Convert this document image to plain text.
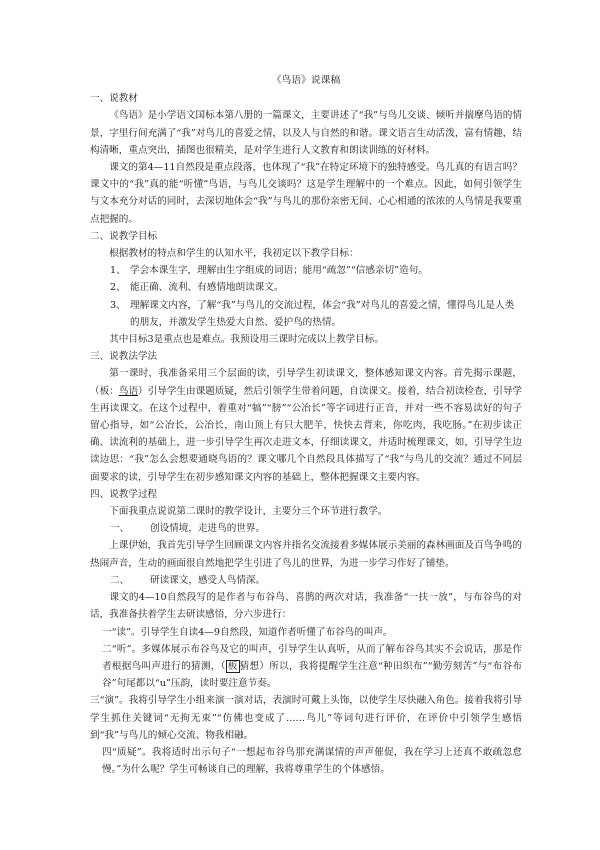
《鸟语》说课稿

一、说教材

《鸟语》是小学语文国标本第八册的一篇课文，主要讲述了“我”与鸟儿交谈、倾听并揣摩鸟语的情景，字里行间充满了“我”对鸟儿的喜爱之情，以及人与自然的和谐。课文语言生动活泼，富有情趣，结构清晰，重点突出，插图也很精美，是对学生进行人文教育和朗读训练的好材料。

课文的第4—11自然段是重点段落，也体现了“我”在特定环境下的独特感受。鸟儿真的有语言吗？课文中的“我”真的能“听懂”鸟语，与鸟儿交谈吗？这是学生理解中的一个难点。因此，如何引领学生与文本充分对话的同时，去深切地体会“我”与鸟儿的那份亲密无间、心心相通的浓浓的人鸟情是我要重点把握的。

二、说教学目标

根据教材的特点和学生的认知水平，我初定以下教学目标：

1、 学会本课生字，理解由生字组成的词语；能用“疏忽”“信感亲切”造句。
2、 能正确、流利、有感情地朗读课文。
3、 理解课文内容，了解“我”与鸟儿的交流过程，体会“我”对鸟儿的喜爱之情，懂得鸟儿是人类的朋友，并激发学生热爱大自然、爱护鸟的热情。

其中目标3是重点也是难点。我预设用三课时完成以上教学目标。

三、说教法学法

第一课时，我准备采用三个层面的读，引导学生初读课文，整体感知课文内容。首先揭示课题，（板：鸟语）引导学生由课题质疑，然后引领学生带着问题，自读课文。接着，结合初读检查，引导学生再读课文。在这个过程中，着重对“犒”“膀”“公冶长”等字词进行正音，并对一些不容易读好的句子留心指导，如“公冶长，公冶长，南山顶上有只大肥羊，快快去背来，你吃肉，我吃肠。”在初步读正确、读流利的基础上，进一步引导学生再次走进文本，仔细读课文，并适时梳理课文，如，引导学生边读边思：“我”怎么会想要通晓鸟语的？课文哪几个自然段具体描写了“我”与鸟儿的交流？通过不同层面要求的读，引导学生在初步感知课文内容的基础上，整体把握课文主要内容。

四、说教学过程

下面我重点说说第二课时的教学设计，主要分三个环节进行教学。

一、	创设情境，走进鸟的世界。

上课伊始，我首先引导学生回顾课文内容并指名交流接着多媒体展示美丽的森林画面及百鸟争鸣的热闹声音，生动的画面很自然地把学生引进了鸟儿的世界，为进一步学习作好了铺垫。

二、	研读课文，感受人鸟情深。

课文的4—10自然段写的是作者与布谷鸟、喜鹊的两次对话，我准备“一扶一放”，与布谷鸟的对话，我准备扶着学生去研读感悟，分六步进行：

一“读”。引导学生自读4—9自然段，知道作者听懂了布谷鸟的叫声。

二“听”。多媒体展示布谷鸟及它的叫声，引导学生认真听，从而了解布谷鸟其实不会说话，那是作者根据鸟叫声进行的猜测，（ 板 猜想）所以，我将提醒学生注意“种田织布”“勤劳刻苦”与“布谷布谷”句尾都以“u”压韵，读时要注意节奏。

三“演”。我将引导学生小组来演一演对话，表演时可戴上头饰，以使学生尽快融入角色。接着我将引导学生抓住关键词“无拘无束”“仿佛也变成了……鸟儿”等词句进行评价，在评价中引领学生感悟到“我”与鸟儿的倾心交流、物我相融。

四“质疑”。我将适时出示句子“一想起布谷鸟那充满谋情的声声催促，我在学习上还真不敢疏忽怠慢。”为什么呢？学生可畅谈自己的理解，我将尊重学生的个体感悟。
